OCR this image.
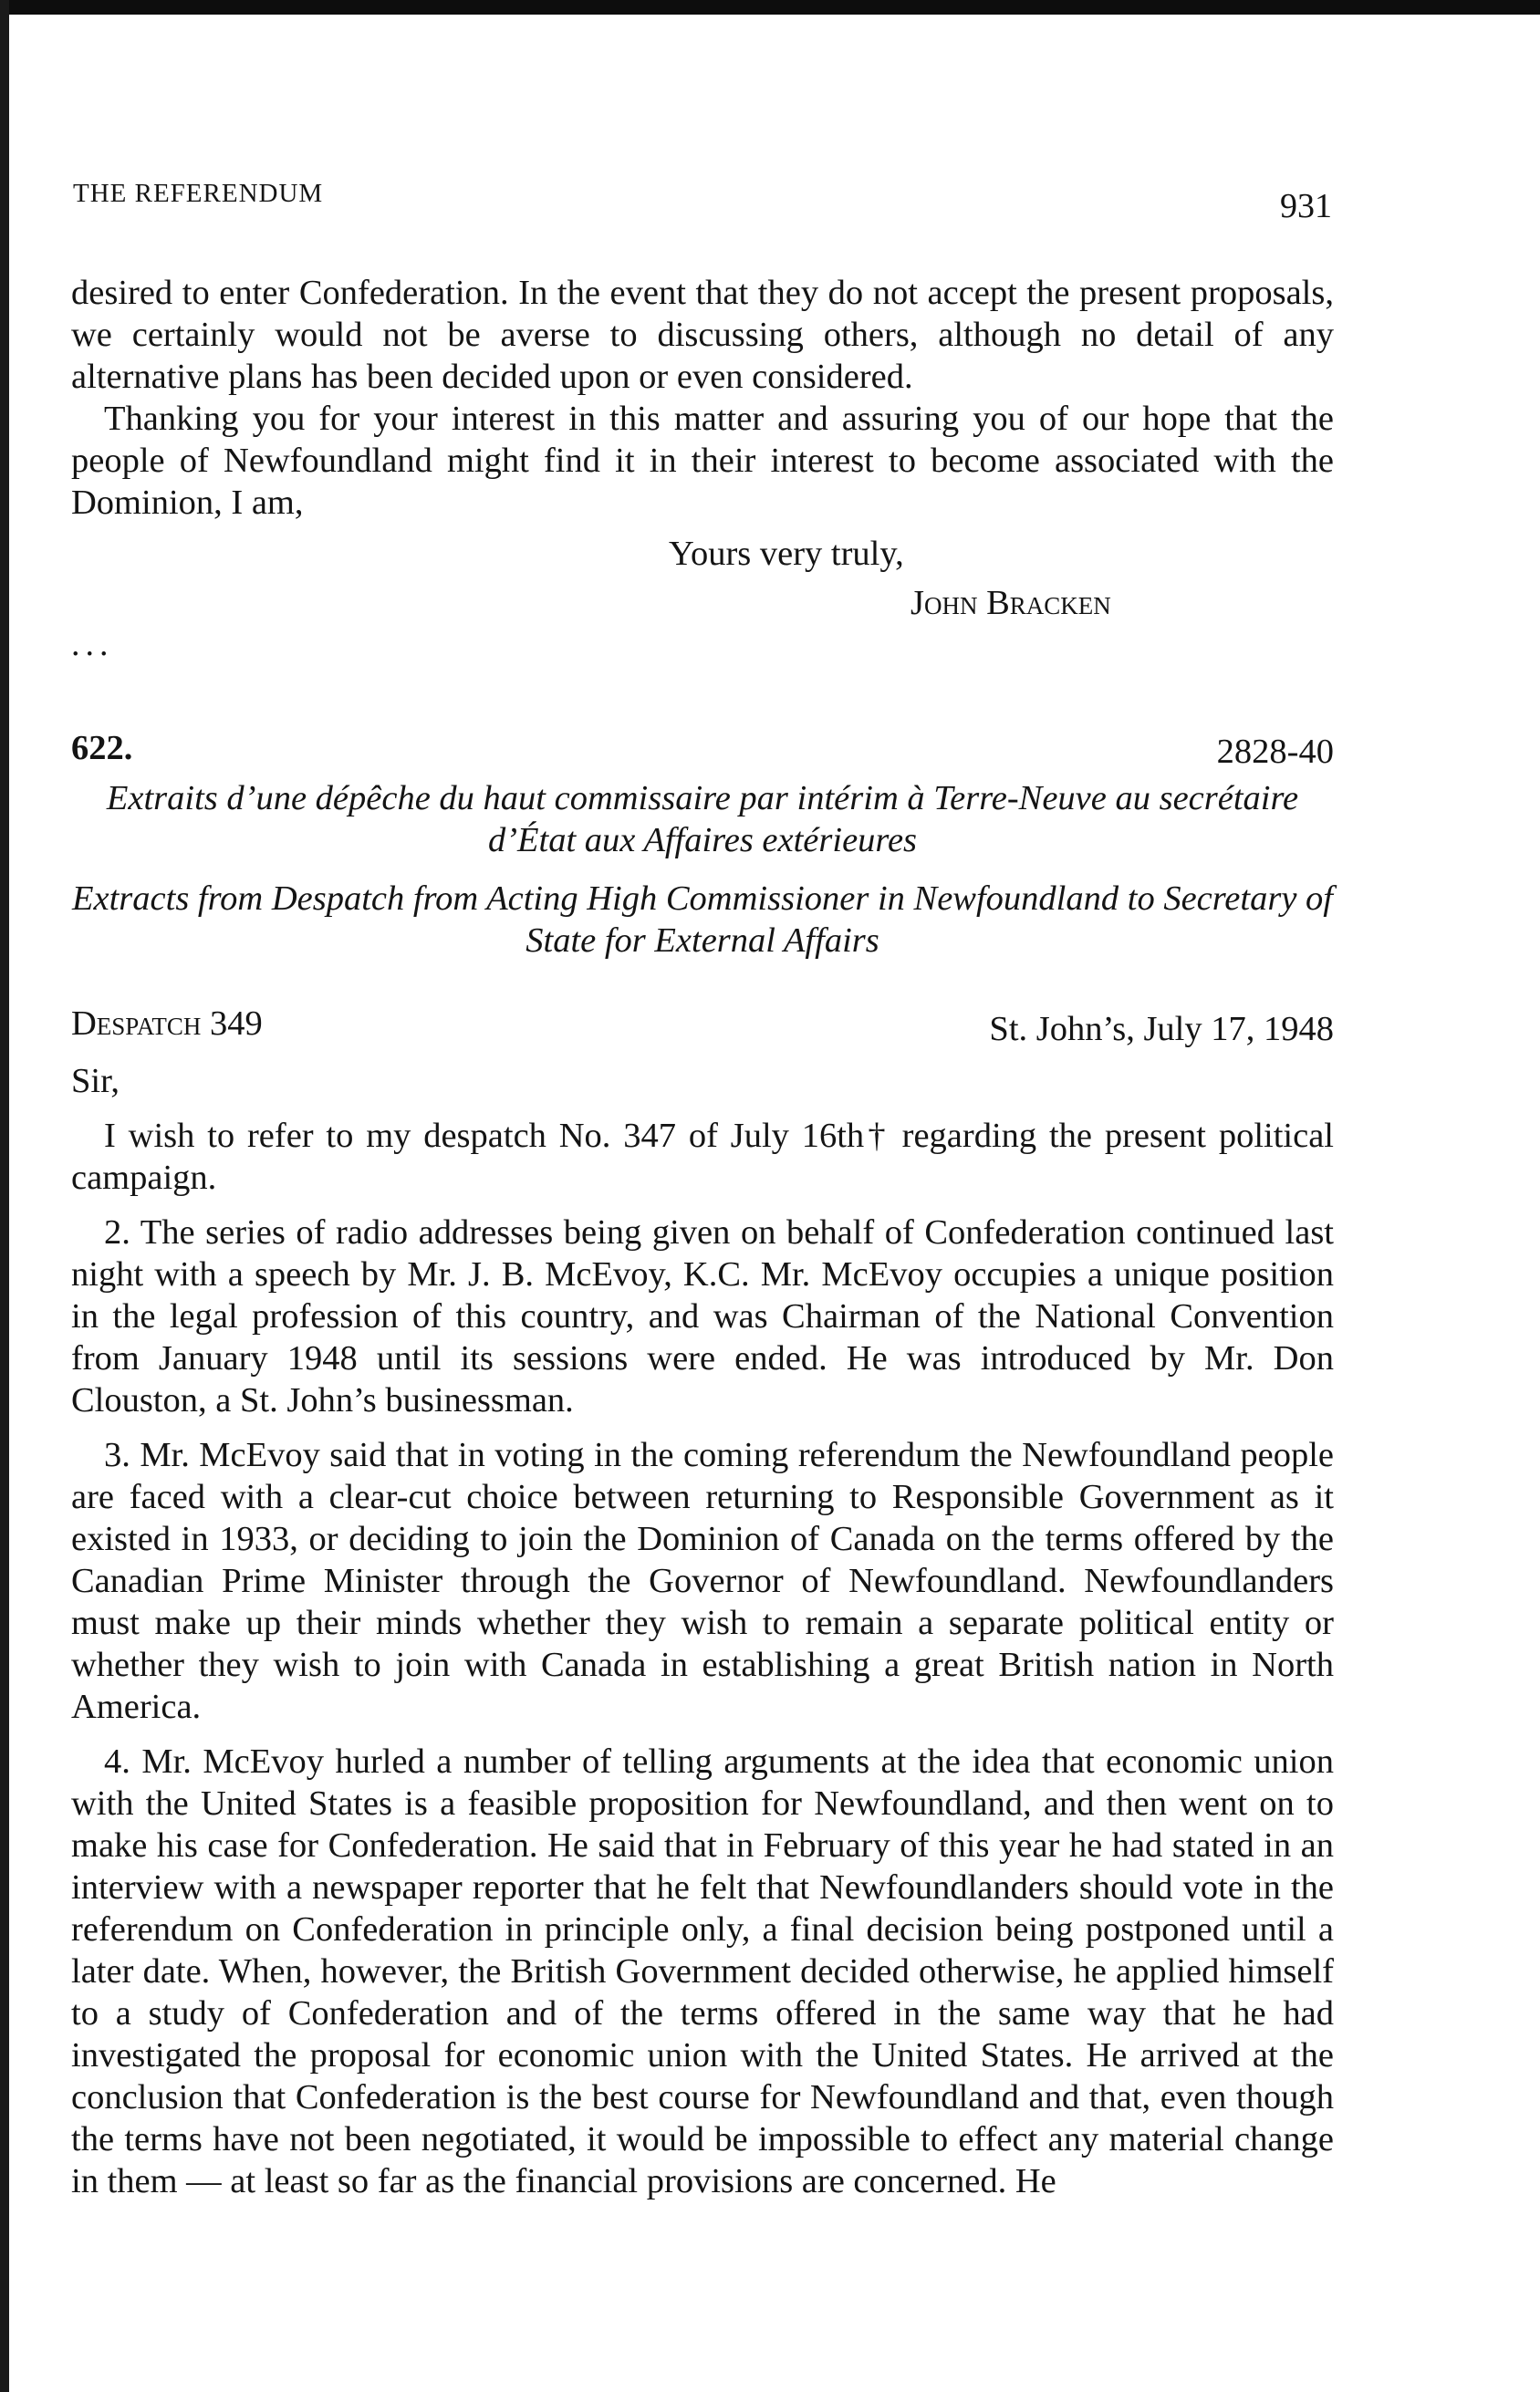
THE REFERENDUM	931

desired to enter Confederation. In the event that they do not accept the present proposals, we certainly would not be averse to discussing others, although no detail of any alternative plans has been decided upon or even considered.

Thanking you for your interest in this matter and assuring you of our hope that the people of Newfoundland might find it in their interest to become associated with the Dominion, I am,

Yours very truly,
John Bracken
...
622.	2828-40

Extraits d’une dépêche du haut commissaire par intérim à Terre-Neuve au secrétaire d’État aux Affaires extérieures

Extracts from Despatch from Acting High Commissioner in Newfoundland to Secretary of State for External Affairs

Despatch 349	St. John’s, July 17, 1948
Sir,

I wish to refer to my despatch No. 347 of July 16th† regarding the present political campaign.

2. The series of radio addresses being given on behalf of Confederation continued last night with a speech by Mr. J. B. McEvoy, K.C. Mr. McEvoy occupies a unique position in the legal profession of this country, and was Chairman of the National Convention from January 1948 until its sessions were ended. He was introduced by Mr. Don Clouston, a St. John’s businessman.

3. Mr. McEvoy said that in voting in the coming referendum the Newfoundland people are faced with a clear-cut choice between returning to Responsible Government as it existed in 1933, or deciding to join the Dominion of Canada on the terms offered by the Canadian Prime Minister through the Governor of Newfoundland. Newfoundlanders must make up their minds whether they wish to remain a separate political entity or whether they wish to join with Canada in establishing a great British nation in North America.

4. Mr. McEvoy hurled a number of telling arguments at the idea that economic union with the United States is a feasible proposition for Newfoundland, and then went on to make his case for Confederation. He said that in February of this year he had stated in an interview with a newspaper reporter that he felt that Newfoundlanders should vote in the referendum on Confederation in principle only, a final decision being postponed until a later date. When, however, the British Government decided otherwise, he applied himself to a study of Confederation and of the terms offered in the same way that he had investigated the proposal for economic union with the United States. He arrived at the conclusion that Confederation is the best course for Newfoundland and that, even though the terms have not been negotiated, it would be impossible to effect any material change in them — at least so far as the financial provisions are concerned. He
